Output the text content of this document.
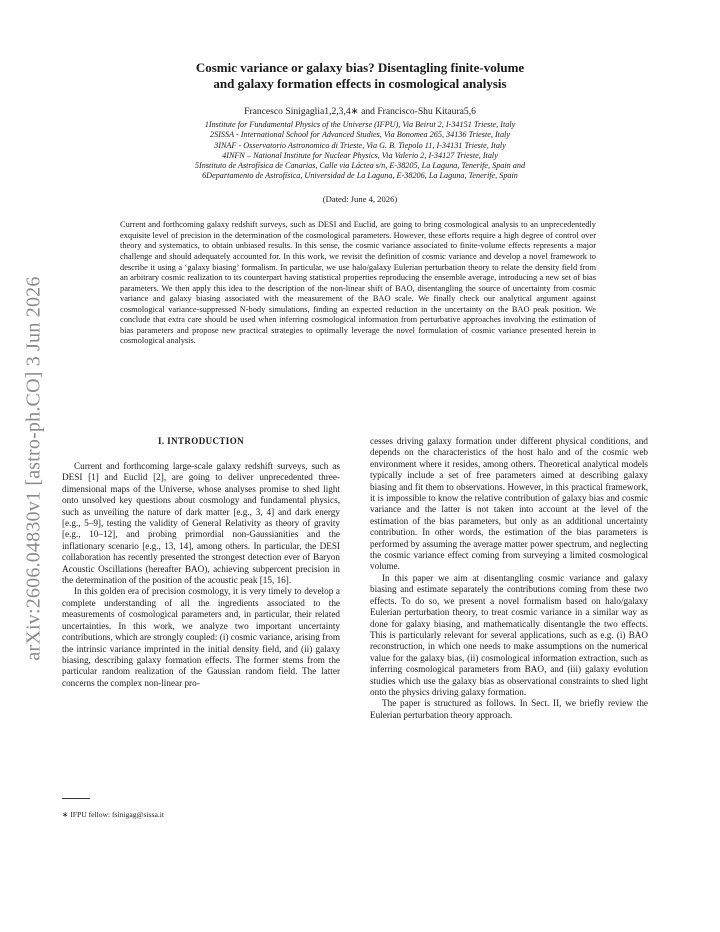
arXiv:2606.04830v1 [astro-ph.CO] 3 Jun 2026
Cosmic variance or galaxy bias? Disentagling finite-volume
and galaxy formation effects in cosmological analysis
Francesco Sinigaglia1,2,3,4∗ and Francisco-Shu Kitaura5,6
1Institute for Fundamental Physics of the Universe (IFPU), Via Beirut 2, I-34151 Trieste, Italy
2SISSA - International School for Advanced Studies, Via Bonomea 265, 34136 Trieste, Italy
3INAF - Osservatorio Astronomico di Trieste, Via G. B. Tiepolo 11, I-34131 Trieste, Italy
4INFN – National Institute for Nuclear Physics, Via Valerio 2, I-34127 Trieste, Italy
5Instituto de Astrofísica de Canarias, Calle via Láctea s/n, E-38205, La Laguna, Tenerife, Spain and
6Departamento de Astrofísica, Universidad de La Laguna, E-38206, La Laguna, Tenerife, Spain
(Dated: June 4, 2026)

Current and forthcoming galaxy redshift surveys, such as DESI and Euclid, are going to bring cosmological analysis to an unprecedentedly exquisite level of precision in the determination of the cosmological parameters. However, these efforts require a high degree of control over theory and systematics, to obtain unbiased results. In this sense, the cosmic variance associated to finite-volume effects represents a major challenge and should adequately accounted for. In this work, we revisit the definition of cosmic variance and develop a novel framework to describe it using a ‘galaxy biasing’ formalism. In particular, we use halo/galaxy Eulerian perturbation theory to relate the density field from an arbitrary cosmic realization to its counterpart having statistical properties reproducing the ensemble average, introducing a new set of bias parameters. We then apply this idea to the description of the non-linear shift of BAO, disentangling the source of uncertainty from cosmic variance and galaxy biasing associated with the measurement of the BAO scale. We finally check our analytical argument against cosmological variance-suppressed N-body simulations, finding an expected reduction in the uncertainty on the BAO peak position. We conclude that extra care should be used when inferring cosmological information from perturbative approaches involving the estimation of bias parameters and propose new practical strategies to optimally leverage the novel formulation of cosmic variance presented herein in cosmological analysis.

I. INTRODUCTION

Current and forthcoming large-scale galaxy redshift surveys, such as DESI [1] and Euclid [2], are going to deliver unprecedented three-dimensional maps of the Universe, whose analyses promise to shed light onto unsolved key questions about cosmology and fundamental physics, such as unveiling the nature of dark matter [e.g., 3, 4] and dark energy [e.g., 5–9], testing the validity of General Relativity as theory of gravity [e.g., 10–12], and probing primordial non-Gaussianities and the inflationary scenario [e.g., 13, 14], among others. In particular, the DESI collaboration has recently presented the strongest detection ever of Baryon Acoustic Oscillations (hereafter BAO), achieving subpercent precision in the determination of the position of the acoustic peak [15, 16].

In this golden era of precision cosmology, it is very timely to develop a complete understanding of all the ingredients associated to the measurements of cosmological parameters and, in particular, their related uncertainties. In this work, we analyze two important uncertainty contributions, which are strongly coupled: (i) cosmic variance, arising from the intrinsic variance imprinted in the initial density field, and (ii) galaxy biasing, describing galaxy formation effects. The former stems from the particular random realization of the Gaussian random field. The latter concerns the complex non-linear pro-

cesses driving galaxy formation under different physical conditions, and depends on the characteristics of the host halo and of the cosmic web environment where it resides, among others. Theoretical analytical models typically include a set of free parameters aimed at describing galaxy biasing and fit them to observations. However, in this practical framework, it is impossible to know the relative contribution of galaxy bias and cosmic variance and the latter is not taken into account at the level of the estimation of the bias parameters, but only as an additional uncertainty contribution. In other words, the estimation of the bias parameters is performed by assuming the average matter power spectrum, and neglecting the cosmic variance effect coming from surveying a limited cosmological volume.

In this paper we aim at disentangling cosmic variance and galaxy biasing and estimate separately the contributions coming from these two effects. To do so, we present a novel formalism based on halo/galaxy Eulerian perturbation theory, to treat cosmic variance in a similar way as done for galaxy biasing, and mathematically disentangle the two effects. This is particularly relevant for several applications, such as e.g. (i) BAO reconstruction, in which one needs to make assumptions on the numerical value for the galaxy bias, (ii) cosmological information extraction, such as inferring cosmological parameters from BAO, and (iii) galaxy evolution studies which use the galaxy bias as observational constraints to shed light onto the physics driving galaxy formation.

The paper is structured as follows. In Sect. II, we briefly review the Eulerian perturbation theory approach.

∗ IFPU fellow: fsinigag@sissa.it
